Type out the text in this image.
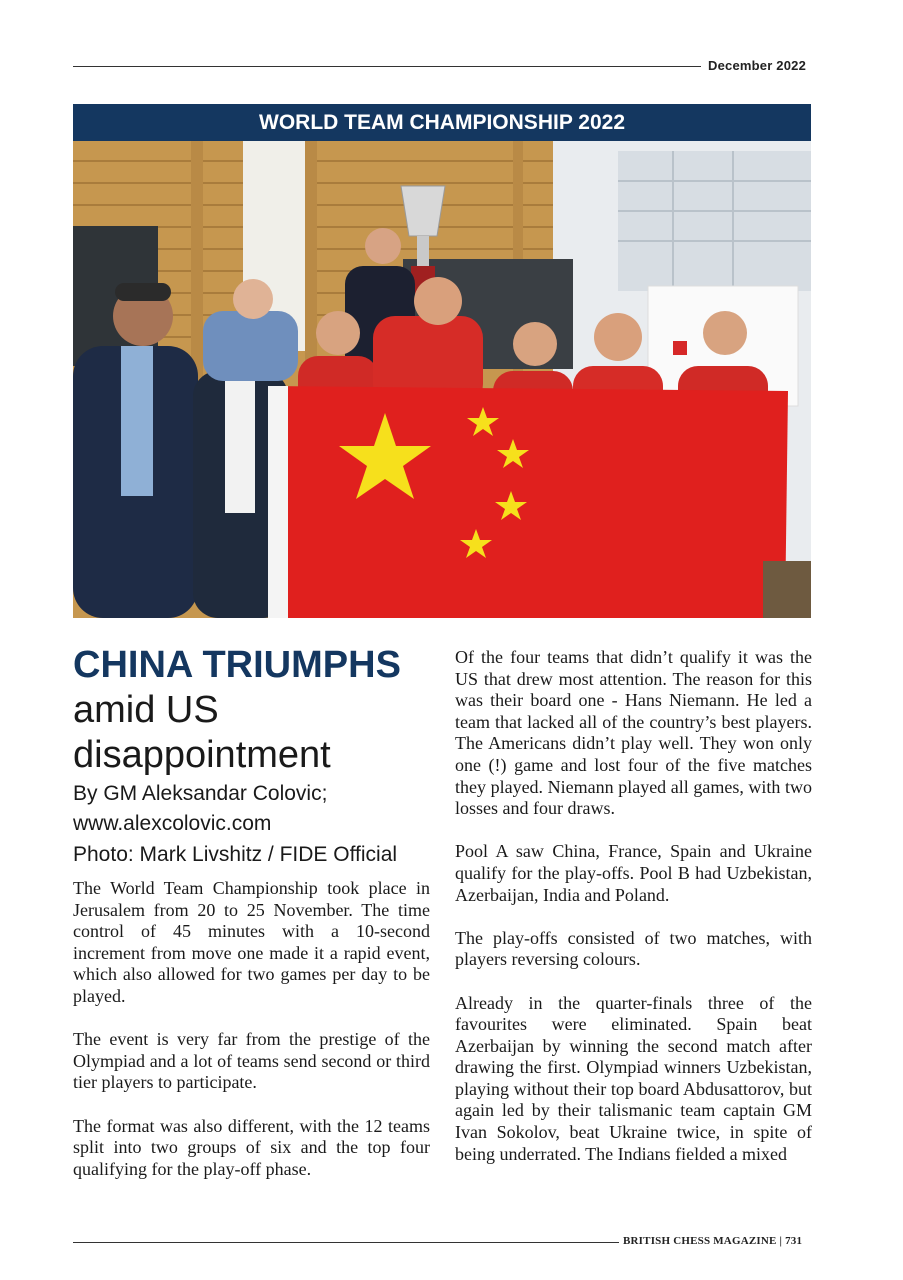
December 2022
WORLD TEAM CHAMPIONSHIP 2022
CHINA TRIUMPHS amid US disappointment
By GM Aleksandar Colovic; www.alexcolovic.com
Photo: Mark Livshitz / FIDE Official

The World Team Championship took place in Jerusalem from 20 to 25 November. The time control of 45 minutes with a 10-second increment from move one made it a rapid event, which also allowed for two games per day to be played.

The event is very far from the prestige of the Olympiad and a lot of teams send second or third tier players to participate.

The format was also different, with the 12 teams split into two groups of six and the top four qualifying for the play-off phase.

Of the four teams that didn’t qualify it was the US that drew most attention. The reason for this was their board one - Hans Niemann. He led a team that lacked all of the country’s best players. The Americans didn’t play well. They won only one (!) game and lost four of the five matches they played. Niemann played all games, with two losses and four draws.

Pool A saw China, France, Spain and Ukraine qualify for the play-offs. Pool B had Uzbekistan, Azerbaijan, India and Poland.

The play-offs consisted of two matches, with players reversing colours.

Already in the quarter-finals three of the favourites were eliminated. Spain beat Azerbaijan by winning the second match after drawing the first. Olympiad winners Uzbekistan, playing without their top board Abdusattorov, but again led by their talismanic team captain GM Ivan Sokolov, beat Ukraine twice, in spite of being underrated. The Indians fielded a mixed

BRITISH CHESS MAGAZINE | 731
